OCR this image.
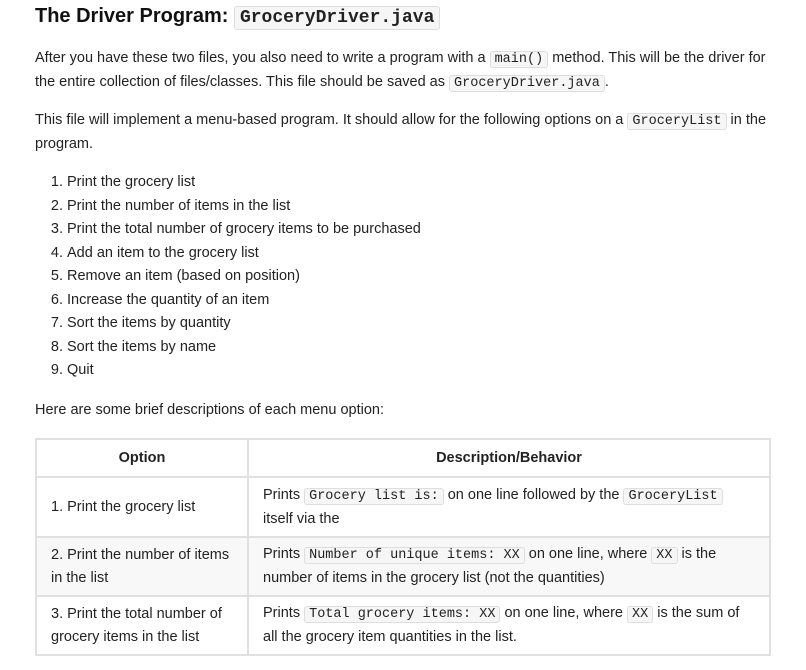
The Driver Program: GroceryDriver.java

After you have these two files, you also need to write a program with a main() method. This will be the driver for the entire collection of files/classes. This file should be saved as GroceryDriver.java .

This file will implement a menu-based program. It should allow for the following options on a GroceryList in the program.

1. Print the grocery list
2. Print the number of items in the list
3. Print the total number of grocery items to be purchased
4. Add an item to the grocery list
5. Remove an item (based on position)
6. Increase the quantity of an item
7. Sort the items by quantity
8. Sort the items by name
9. Quit

Here are some brief descriptions of each menu option:

Option	Description/Behavior
1. Print the grocery list	Prints Grocery list is: on one line followed by the GroceryList itself via the
2. Print the number of items in the list	Prints Number of unique items: XX on one line, where XX is the number of items in the grocery list (not the quantities)
3. Print the total number of grocery items in the list	Prints Total grocery items: XX on one line, where XX is the sum of all the grocery item quantities in the list.
